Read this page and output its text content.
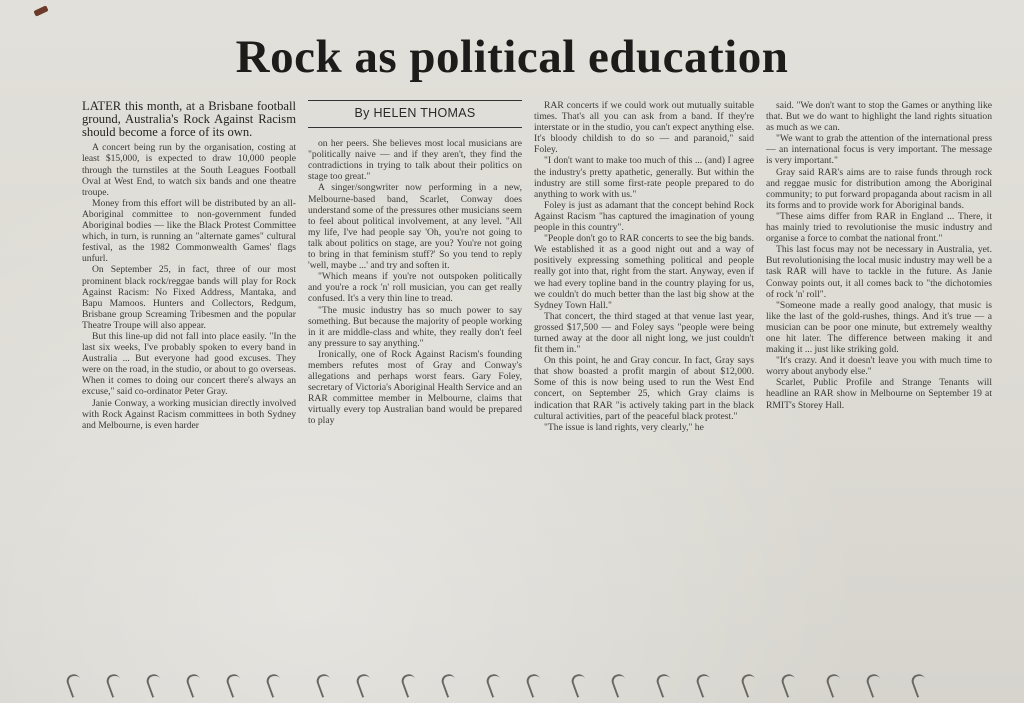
Rock as political education

LATER this month, at a Brisbane football ground, Australia's Rock Against Racism should become a force of its own.

A concert being run by the organisation, costing at least $15,000, is expected to draw 10,000 people through the turnstiles at the South Leagues Football Oval at West End, to watch six bands and one theatre troupe.

Money from this effort will be distributed by an all-Aboriginal committee to non-government funded Aboriginal bodies — like the Black Protest Committee which, in turn, is running an "alternate games" cultural festival, as the 1982 Commonwealth Games' flags unfurl.

On September 25, in fact, three of our most prominent black rock/reggae bands will play for Rock Against Racism: No Fixed Address, Mantaka, and Bapu Mamoos. Hunters and Collectors, Redgum, Brisbane group Screaming Tribesmen and the popular Theatre Troupe will also appear.

But this line-up did not fall into place easily. "In the last six weeks, I've probably spoken to every band in Australia ... But everyone had good excuses. They were on the road, in the studio, or about to go overseas. When it comes to doing our concert there's always an excuse," said co-ordinator Peter Gray.

Janie Conway, a working musician directly involved with Rock Against Racism committees in both Sydney and Melbourne, is even harder

By HELEN THOMAS

on her peers. She believes most local musicians are "politically naive — and if they aren't, they find the contradictions in trying to talk about their politics on stage too great."

A singer/songwriter now performing in a new, Melbourne-based band, Scarlet, Conway does understand some of the pressures other musicians seem to feel about political involvement, at any level. "All my life, I've had people say 'Oh, you're not going to talk about politics on stage, are you? You're not going to bring in that feminism stuff?' So you tend to reply 'well, maybe ...' and try and soften it.

"Which means if you're not outspoken politically and you're a rock 'n' roll musician, you can get really confused. It's a very thin line to tread.

"The music industry has so much power to say something. But because the majority of people working in it are middle-class and white, they really don't feel any pressure to say anything."

Ironically, one of Rock Against Racism's founding members refutes most of Gray and Conway's allegations and perhaps worst fears. Gary Foley, secretary of Victoria's Aboriginal Health Service and an RAR committee member in Melbourne, claims that virtually every top Australian band would be prepared to play

RAR concerts if we could work out mutually suitable times. That's all you can ask from a band. If they're interstate or in the studio, you can't expect anything else. It's bloody childish to do so — and paranoid," said Foley.

"I don't want to make too much of this ... (and) I agree the industry's pretty apathetic, generally. But within the industry are still some first-rate people prepared to do anything to work with us."

Foley is just as adamant that the concept behind Rock Against Racism "has captured the imagination of young people in this country".

"People don't go to RAR concerts to see the big bands. We established it as a good night out and a way of positively expressing something political and people really got into that, right from the start. Anyway, even if we had every topline band in the country playing for us, we couldn't do much better than the last big show at the Sydney Town Hall."

That concert, the third staged at that venue last year, grossed $17,500 — and Foley says "people were being turned away at the door all night long, we just couldn't fit them in."

On this point, he and Gray concur. In fact, Gray says that show boasted a profit margin of about $12,000. Some of this is now being used to run the West End concert, on September 25, which Gray claims is indication that RAR "is actively taking part in the black cultural activities, part of the peaceful black protest."

"The issue is land rights, very clearly," he

said. "We don't want to stop the Games or anything like that. But we do want to highlight the land rights situation as much as we can.

"We want to grab the attention of the international press — an international focus is very important. The message is very important."

Gray said RAR's aims are to raise funds through rock and reggae music for distribution among the Aboriginal community; to put forward propaganda about racism in all its forms and to provide work for Aboriginal bands.

"These aims differ from RAR in England ... There, it has mainly tried to revolutionise the music industry and organise a force to combat the national front."

This last focus may not be necessary in Australia, yet. But revolutionising the local music industry may well be a task RAR will have to tackle in the future. As Janie Conway points out, it all comes back to "the dichotomies of rock 'n' roll".

"Someone made a really good analogy, that music is like the last of the gold-rushes, things. And it's true — a musician can be poor one minute, but extremely wealthy one hit later. The difference between making it and making it ... just like striking gold.

"It's crazy. And it doesn't leave you with much time to worry about anybody else."

Scarlet, Public Profile and Strange Tenants will headline an RAR show in Melbourne on September 19 at RMIT's Storey Hall.
